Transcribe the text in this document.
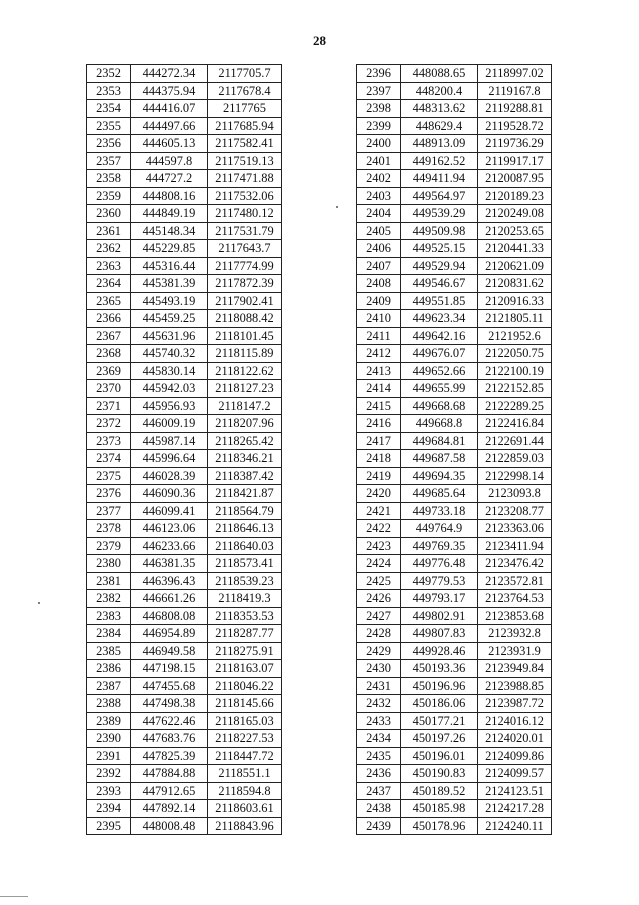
28
2352	444272.34	2117705.7
2353	444375.94	2117678.4
2354	444416.07	2117765
2355	444497.66	2117685.94
2356	444605.13	2117582.41
2357	444597.8	2117519.13
2358	444727.2	2117471.88
2359	444808.16	2117532.06
2360	444849.19	2117480.12
2361	445148.34	2117531.79
2362	445229.85	2117643.7
2363	445316.44	2117774.99
2364	445381.39	2117872.39
2365	445493.19	2117902.41
2366	445459.25	2118088.42
2367	445631.96	2118101.45
2368	445740.32	2118115.89
2369	445830.14	2118122.62
2370	445942.03	2118127.23
2371	445956.93	2118147.2
2372	446009.19	2118207.96
2373	445987.14	2118265.42
2374	445996.64	2118346.21
2375	446028.39	2118387.42
2376	446090.36	2118421.87
2377	446099.41	2118564.79
2378	446123.06	2118646.13
2379	446233.66	2118640.03
2380	446381.35	2118573.41
2381	446396.43	2118539.23
2382	446661.26	2118419.3
2383	446808.08	2118353.53
2384	446954.89	2118287.77
2385	446949.58	2118275.91
2386	447198.15	2118163.07
2387	447455.68	2118046.22
2388	447498.38	2118145.66
2389	447622.46	2118165.03
2390	447683.76	2118227.53
2391	447825.39	2118447.72
2392	447884.88	2118551.1
2393	447912.65	2118594.8
2394	447892.14	2118603.61
2395	448008.48	2118843.96
2396	448088.65	2118997.02
2397	448200.4	2119167.8
2398	448313.62	2119288.81
2399	448629.4	2119528.72
2400	448913.09	2119736.29
2401	449162.52	2119917.17
2402	449411.94	2120087.95
2403	449564.97	2120189.23
2404	449539.29	2120249.08
2405	449509.98	2120253.65
2406	449525.15	2120441.33
2407	449529.94	2120621.09
2408	449546.67	2120831.62
2409	449551.85	2120916.33
2410	449623.34	2121805.11
2411	449642.16	2121952.6
2412	449676.07	2122050.75
2413	449652.66	2122100.19
2414	449655.99	2122152.85
2415	449668.68	2122289.25
2416	449668.8	2122416.84
2417	449684.81	2122691.44
2418	449687.58	2122859.03
2419	449694.35	2122998.14
2420	449685.64	2123093.8
2421	449733.18	2123208.77
2422	449764.9	2123363.06
2423	449769.35	2123411.94
2424	449776.48	2123476.42
2425	449779.53	2123572.81
2426	449793.17	2123764.53
2427	449802.91	2123853.68
2428	449807.83	2123932.8
2429	449928.46	2123931.9
2430	450193.36	2123949.84
2431	450196.96	2123988.85
2432	450186.06	2123987.72
2433	450177.21	2124016.12
2434	450197.26	2124020.01
2435	450196.01	2124099.86
2436	450190.83	2124099.57
2437	450189.52	2124123.51
2438	450185.98	2124217.28
2439	450178.96	2124240.11
